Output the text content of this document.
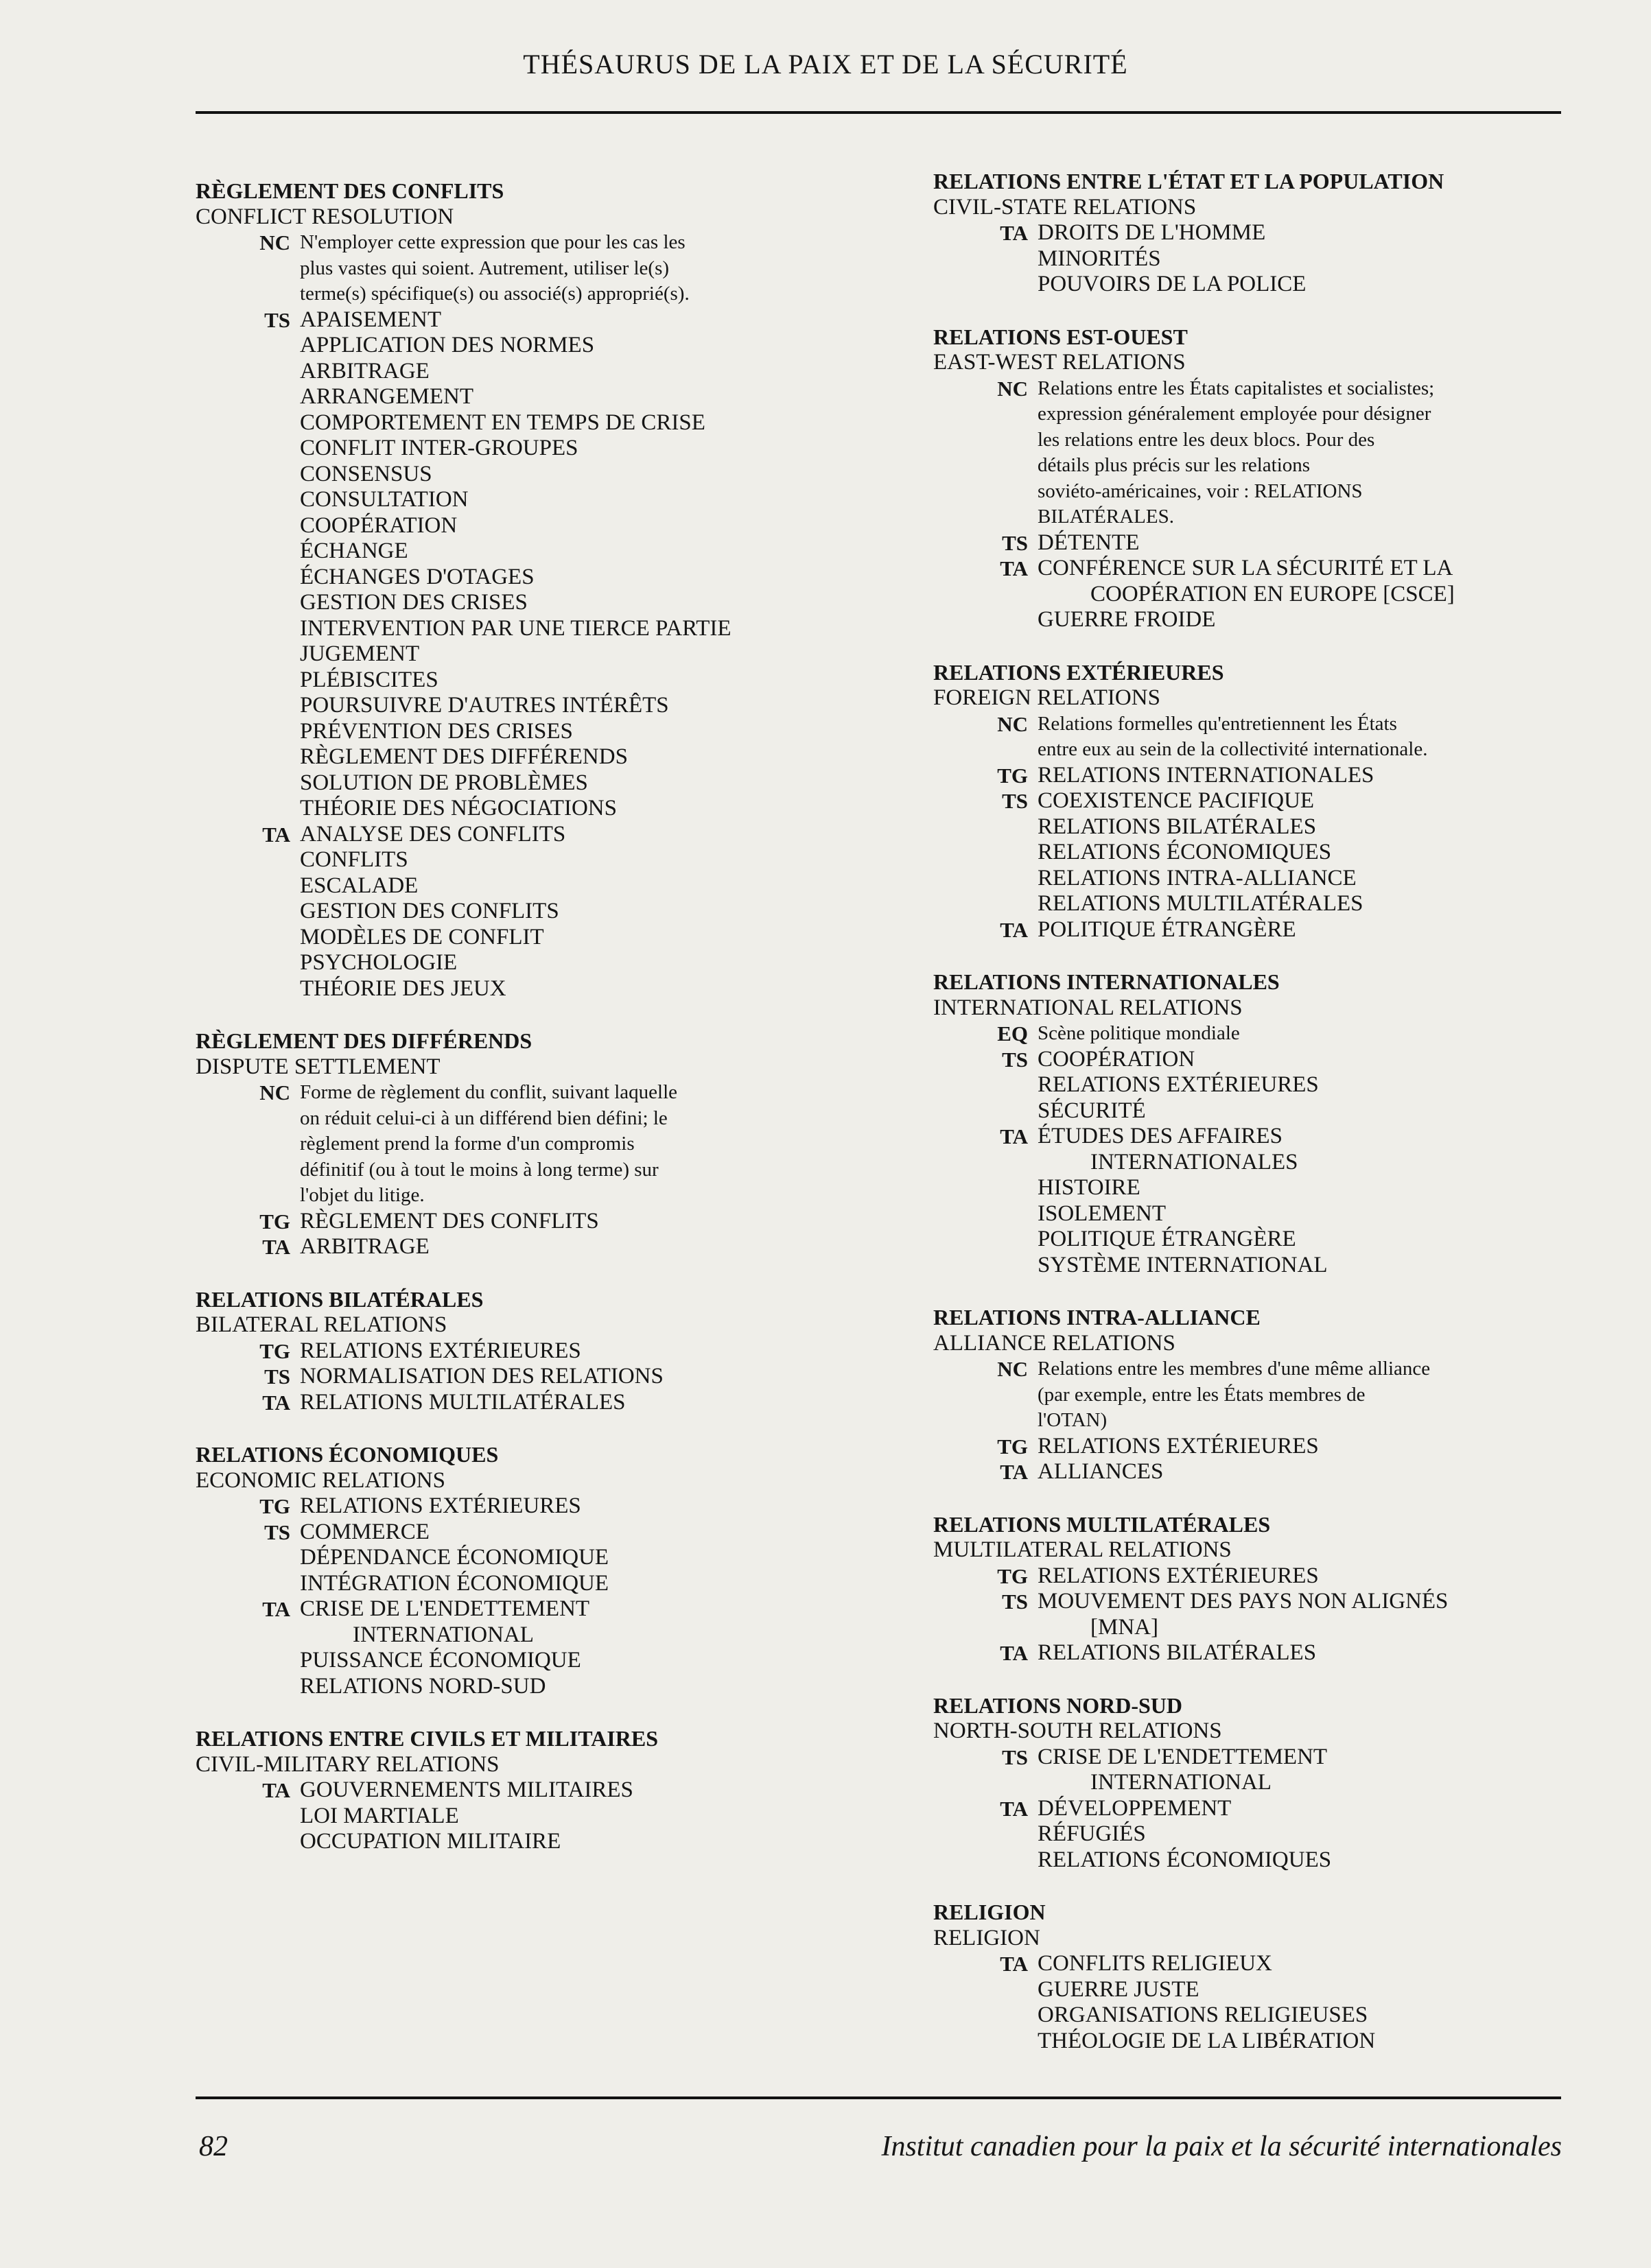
THÉSAURUS DE LA PAIX ET DE LA SÉCURITÉ
RÈGLEMENT DES CONFLITS
CONFLICT RESOLUTION
NC N'employer cette expression que pour les cas les
plus vastes qui soient. Autrement, utiliser le(s)
terme(s) spécifique(s) ou associé(s) approprié(s).
TS APAISEMENT
APPLICATION DES NORMES
ARBITRAGE
ARRANGEMENT
COMPORTEMENT EN TEMPS DE CRISE
CONFLIT INTER-GROUPES
CONSENSUS
CONSULTATION
COOPÉRATION
ÉCHANGE
ÉCHANGES D'OTAGES
GESTION DES CRISES
INTERVENTION PAR UNE TIERCE PARTIE
JUGEMENT
PLÉBISCITES
POURSUIVRE D'AUTRES INTÉRÊTS
PRÉVENTION DES CRISES
RÈGLEMENT DES DIFFÉRENDS
SOLUTION DE PROBLÈMES
THÉORIE DES NÉGOCIATIONS
TA ANALYSE DES CONFLITS
CONFLITS
ESCALADE
GESTION DES CONFLITS
MODÈLES DE CONFLIT
PSYCHOLOGIE
THÉORIE DES JEUX
RÈGLEMENT DES DIFFÉRENDS
DISPUTE SETTLEMENT
NC Forme de règlement du conflit, suivant laquelle
on réduit celui-ci à un différend bien défini; le
règlement prend la forme d'un compromis
définitif (ou à tout le moins à long terme) sur
l'objet du litige.
TG RÈGLEMENT DES CONFLITS
TA ARBITRAGE
RELATIONS BILATÉRALES
BILATERAL RELATIONS
TG RELATIONS EXTÉRIEURES
TS NORMALISATION DES RELATIONS
TA RELATIONS MULTILATÉRALES
RELATIONS ÉCONOMIQUES
ECONOMIC RELATIONS
TG RELATIONS EXTÉRIEURES
TS COMMERCE
DÉPENDANCE ÉCONOMIQUE
INTÉGRATION ÉCONOMIQUE
TA CRISE DE L'ENDETTEMENT
INTERNATIONAL
PUISSANCE ÉCONOMIQUE
RELATIONS NORD-SUD
RELATIONS ENTRE CIVILS ET MILITAIRES
CIVIL-MILITARY RELATIONS
TA GOUVERNEMENTS MILITAIRES
LOI MARTIALE
OCCUPATION MILITAIRE
RELATIONS ENTRE L'ÉTAT ET LA POPULATION
CIVIL-STATE RELATIONS
TA DROITS DE L'HOMME
MINORITÉS
POUVOIRS DE LA POLICE
RELATIONS EST-OUEST
EAST-WEST RELATIONS
NC Relations entre les États capitalistes et socialistes;
expression généralement employée pour désigner
les relations entre les deux blocs. Pour des
détails plus précis sur les relations
soviéto-américaines, voir : RELATIONS
BILATÉRALES.
TS DÉTENTE
TA CONFÉRENCE SUR LA SÉCURITÉ ET LA
COOPÉRATION EN EUROPE [CSCE]
GUERRE FROIDE
RELATIONS EXTÉRIEURES
FOREIGN RELATIONS
NC Relations formelles qu'entretiennent les États
entre eux au sein de la collectivité internationale.
TG RELATIONS INTERNATIONALES
TS COEXISTENCE PACIFIQUE
RELATIONS BILATÉRALES
RELATIONS ÉCONOMIQUES
RELATIONS INTRA-ALLIANCE
RELATIONS MULTILATÉRALES
TA POLITIQUE ÉTRANGÈRE
RELATIONS INTERNATIONALES
INTERNATIONAL RELATIONS
EQ Scène politique mondiale
TS COOPÉRATION
RELATIONS EXTÉRIEURES
SÉCURITÉ
TA ÉTUDES DES AFFAIRES
INTERNATIONALES
HISTOIRE
ISOLEMENT
POLITIQUE ÉTRANGÈRE
SYSTÈME INTERNATIONAL
RELATIONS INTRA-ALLIANCE
ALLIANCE RELATIONS
NC Relations entre les membres d'une même alliance
(par exemple, entre les États membres de
l'OTAN)
TG RELATIONS EXTÉRIEURES
TA ALLIANCES
RELATIONS MULTILATÉRALES
MULTILATERAL RELATIONS
TG RELATIONS EXTÉRIEURES
TS MOUVEMENT DES PAYS NON ALIGNÉS
[MNA]
TA RELATIONS BILATÉRALES
RELATIONS NORD-SUD
NORTH-SOUTH RELATIONS
TS CRISE DE L'ENDETTEMENT
INTERNATIONAL
TA DÉVELOPPEMENT
RÉFUGIÉS
RELATIONS ÉCONOMIQUES
RELIGION
RELIGION
TA CONFLITS RELIGIEUX
GUERRE JUSTE
ORGANISATIONS RELIGIEUSES
THÉOLOGIE DE LA LIBÉRATION
82	Institut canadien pour la paix et la sécurité internationales
